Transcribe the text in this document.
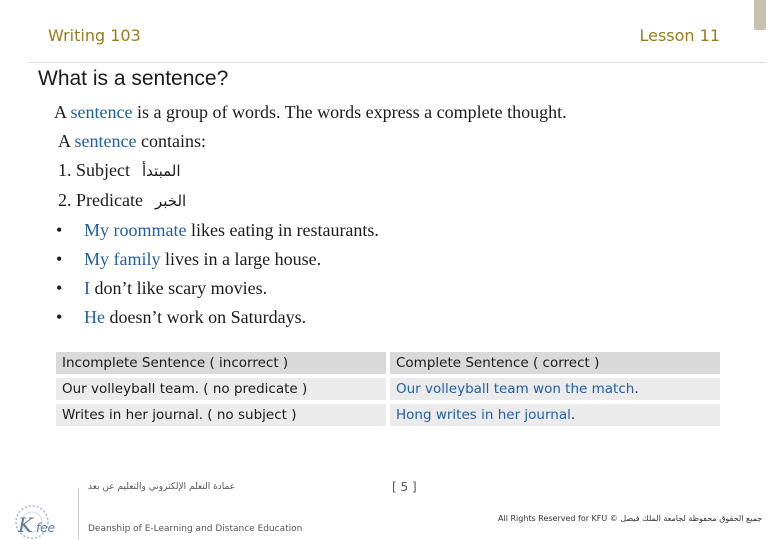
Writing 103	Lesson 11
What is a sentence?
A sentence is a group of words. The words express a complete thought.
A sentence contains:
1. Subject المبتدأ
2. Predicate الخبر
• My roommate likes eating in restaurants.
• My family lives in a large house.
• I don’t like scary movies.
• He doesn’t work on Saturdays.
Incomplete Sentence ( incorrect )	Complete Sentence ( correct )
Our volleyball team. ( no predicate )	Our volleyball team won the match.
Writes in her journal. ( no subject )	Hong writes in her journal.
K fee
عمادة التعلم الإلكتروني والتعليم عن بعد
Deanship of E-Learning and Distance Education
[ 5 ]
All Rights Reserved for KFU © جميع الحقوق محفوظة لجامعة الملك فيصل
